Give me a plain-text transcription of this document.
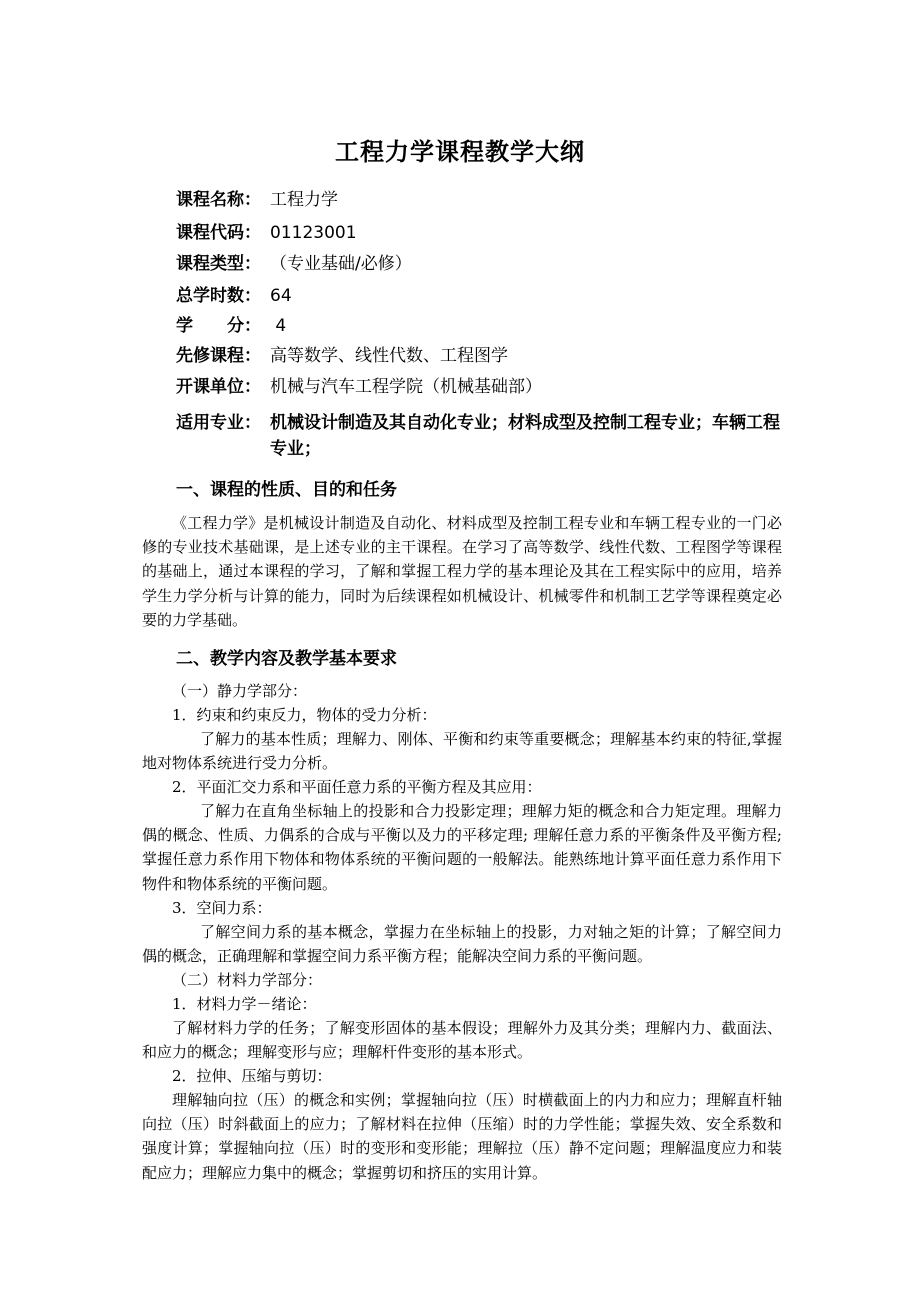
工程力学课程教学大纲
课程名称： 工程力学
课程代码： 01123001
课程类型： （专业基础/必修）
总学时数： 64
学　　分： 4
先修课程： 高等数学、线性代数、工程图学
开课单位： 机械与汽车工程学院（机械基础部）
适用专业： 机械设计制造及其自动化专业；材料成型及控制工程专业；车辆工程专业；
一、课程的性质、目的和任务
《工程力学》是机械设计制造及自动化、材料成型及控制工程专业和车辆工程专业的一门必修的专业技术基础课，是上述专业的主干课程。在学习了高等数学、线性代数、工程图学等课程的基础上，通过本课程的学习，了解和掌握工程力学的基本理论及其在工程实际中的应用，培养学生力学分析与计算的能力，同时为后续课程如机械设计、机械零件和机制工艺学等课程奠定必要的力学基础。
二、教学内容及教学基本要求
（一）静力学部分：
1．约束和约束反力，物体的受力分析：
了解力的基本性质；理解力、刚体、平衡和约束等重要概念；理解基本约束的特征,掌握地对物体系统进行受力分析。
2．平面汇交力系和平面任意力系的平衡方程及其应用：
了解力在直角坐标轴上的投影和合力投影定理；理解力矩的概念和合力矩定理。理解力偶的概念、性质、力偶系的合成与平衡以及力的平移定理; 理解任意力系的平衡条件及平衡方程; 掌握任意力系作用下物体和物体系统的平衡问题的一般解法。能熟练地计算平面任意力系作用下物件和物体系统的平衡问题。
3．空间力系：
了解空间力系的基本概念，掌握力在坐标轴上的投影，力对轴之矩的计算；了解空间力偶的概念，正确理解和掌握空间力系平衡方程；能解决空间力系的平衡问题。
（二）材料力学部分：
1．材料力学－绪论：
了解材料力学的任务；了解变形固体的基本假设；理解外力及其分类；理解内力、截面法、和应力的概念；理解变形与应；理解杆件变形的基本形式。
2．拉伸、压缩与剪切：
理解轴向拉（压）的概念和实例；掌握轴向拉（压）时横截面上的内力和应力；理解直杆轴向拉（压）时斜截面上的应力；了解材料在拉伸（压缩）时的力学性能；掌握失效、安全系数和强度计算；掌握轴向拉（压）时的变形和变形能；理解拉（压）静不定问题；理解温度应力和装配应力；理解应力集中的概念；掌握剪切和挤压的实用计算。
